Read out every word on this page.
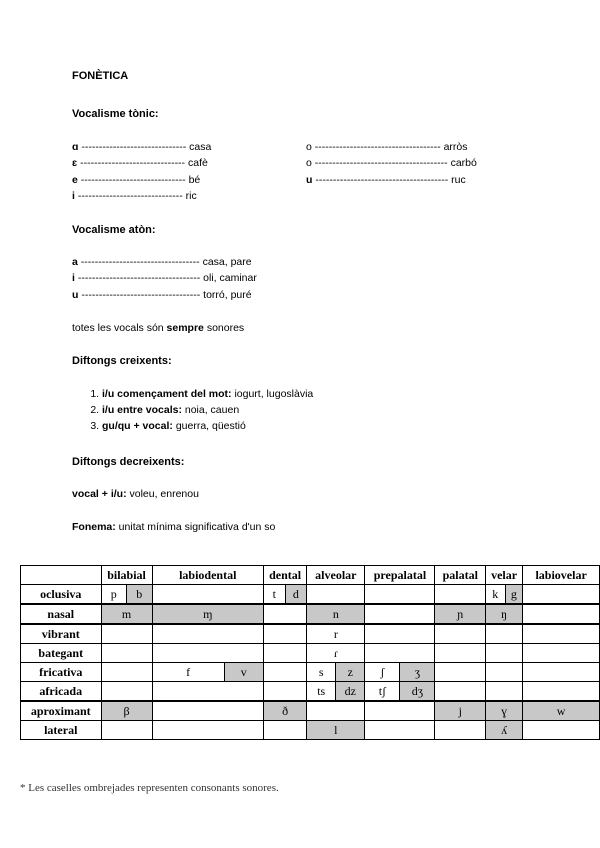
FONÈTICA
Vocalisme tònic:
ɑ ------------------------------ casa
ɛ ------------------------------ cafè
e ------------------------------ bé
i ------------------------------ ric
o ------------------------------------ arròs
o -------------------------------------- carbó
u -------------------------------------- ruc
Vocalisme atòn:
a ---------------------------------- casa, pare
i ----------------------------------- oli, caminar
u ---------------------------------- torró, puré
totes les vocals són sempre sonores
Diftongs creixents:
1. i/u començament del mot: iogurt, lugoslàvia
2. i/u entre vocals: noia, cauen
3. gu/qu + vocal: guerra, qüestió
Diftongs decreixents:
vocal + i/u: voleu, enrenou
Fonema: unitat mínima significativa d'un so
	bilabial		labiodental		dental		alveolar		prepalatal		palatal	velar		labiovelar
oclusiva	p	b			t	d						k	g	
nasal	m		ɱ				n				ɲ	ŋ		
vibrant							r							
bategant							ɾ							
fricativa			f	v			s	z	ʃ	ʒ				
africada							ts	dz	tʃ	dʒ				
aproximant	β				ð						j	ɣ		w
lateral							l					ʎ		
* Les caselles ombrejades representen consonants sonores.
